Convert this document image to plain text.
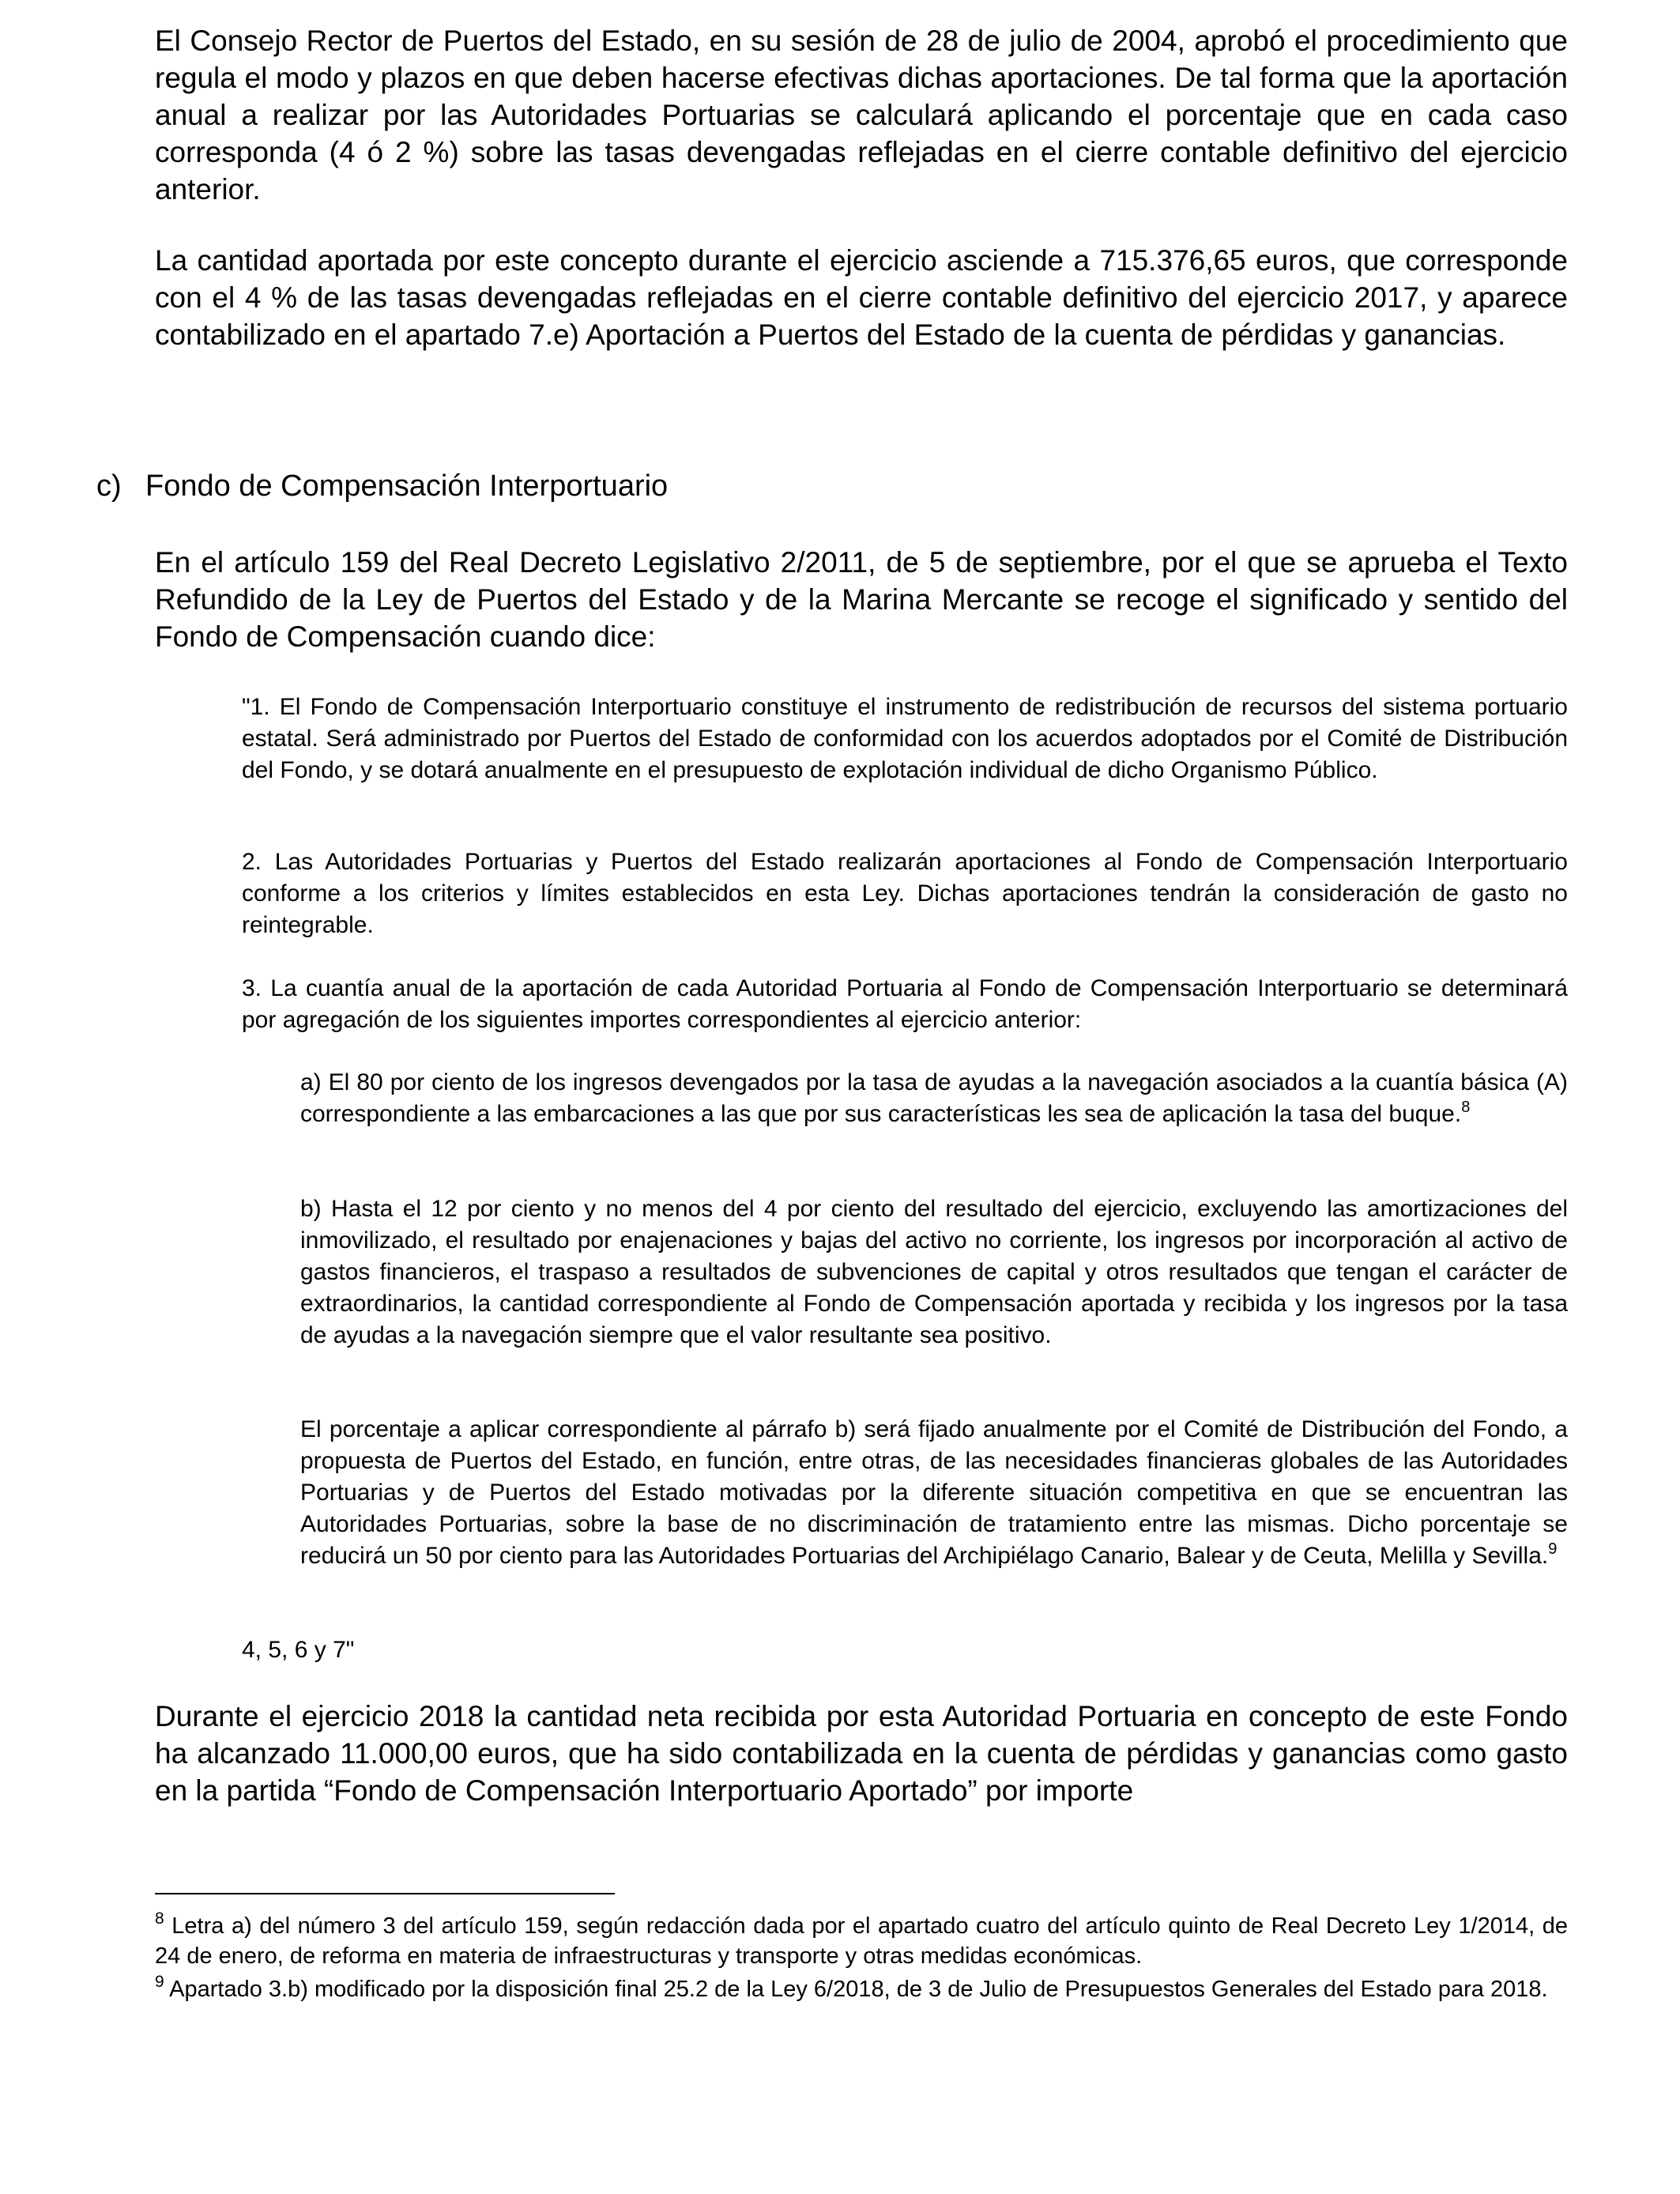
El Consejo Rector de Puertos del Estado, en su sesión de 28 de julio de 2004, aprobó el procedimiento que regula el modo y plazos en que deben hacerse efectivas dichas aportaciones. De tal forma que la aportación anual a realizar por las Autoridades Portuarias se calculará aplicando el porcentaje que en cada caso corresponda (4 ó 2 %) sobre las tasas devengadas reflejadas en el cierre contable definitivo del ejercicio anterior.

La cantidad aportada por este concepto durante el ejercicio asciende a 715.376,65 euros, que corresponde con el 4 % de las tasas devengadas reflejadas en el cierre contable definitivo del ejercicio 2017, y aparece contabilizado en el apartado 7.e) Aportación a Puertos del Estado de la cuenta de pérdidas y ganancias.

c) Fondo de Compensación Interportuario

En el artículo 159 del Real Decreto Legislativo 2/2011, de 5 de septiembre, por el que se aprueba el Texto Refundido de la Ley de Puertos del Estado y de la Marina Mercante se recoge el significado y sentido del Fondo de Compensación cuando dice:

"1. El Fondo de Compensación Interportuario constituye el instrumento de redistribución de recursos del sistema portuario estatal. Será administrado por Puertos del Estado de conformidad con los acuerdos adoptados por el Comité de Distribución del Fondo, y se dotará anualmente en el presupuesto de explotación individual de dicho Organismo Público.

2. Las Autoridades Portuarias y Puertos del Estado realizarán aportaciones al Fondo de Compensación Interportuario conforme a los criterios y límites establecidos en esta Ley. Dichas aportaciones tendrán la consideración de gasto no reintegrable.

3. La cuantía anual de la aportación de cada Autoridad Portuaria al Fondo de Compensación Interportuario se determinará por agregación de los siguientes importes correspondientes al ejercicio anterior:

a) El 80 por ciento de los ingresos devengados por la tasa de ayudas a la navegación asociados a la cuantía básica (A) correspondiente a las embarcaciones a las que por sus características les sea de aplicación la tasa del buque.$^8$

b) Hasta el 12 por ciento y no menos del 4 por ciento del resultado del ejercicio, excluyendo las amortizaciones del inmovilizado, el resultado por enajenaciones y bajas del activo no corriente, los ingresos por incorporación al activo de gastos financieros, el traspaso a resultados de subvenciones de capital y otros resultados que tengan el carácter de extraordinarios, la cantidad correspondiente al Fondo de Compensación aportada y recibida y los ingresos por la tasa de ayudas a la navegación siempre que el valor resultante sea positivo.

El porcentaje a aplicar correspondiente al párrafo b) será fijado anualmente por el Comité de Distribución del Fondo, a propuesta de Puertos del Estado, en función, entre otras, de las necesidades financieras globales de las Autoridades Portuarias y de Puertos del Estado motivadas por la diferente situación competitiva en que se encuentran las Autoridades Portuarias, sobre la base de no discriminación de tratamiento entre las mismas. Dicho porcentaje se reducirá un 50 por ciento para las Autoridades Portuarias del Archipiélago Canario, Balear y de Ceuta, Melilla y Sevilla.$^9$

4, 5, 6 y 7"

Durante el ejercicio 2018 la cantidad neta recibida por esta Autoridad Portuaria en concepto de este Fondo ha alcanzado 11.000,00 euros, que ha sido contabilizada en la cuenta de pérdidas y ganancias como gasto en la partida “Fondo de Compensación Interportuario Aportado” por importe

$^8$ Letra a) del número 3 del artículo 159, según redacción dada por el apartado cuatro del artículo quinto de Real Decreto Ley 1/2014, de 24 de enero, de reforma en materia de infraestructuras y transporte y otras medidas económicas.

$^9$ Apartado 3.b) modificado por la disposición final 25.2 de la Ley 6/2018, de 3 de Julio de Presupuestos Generales del Estado para 2018.
